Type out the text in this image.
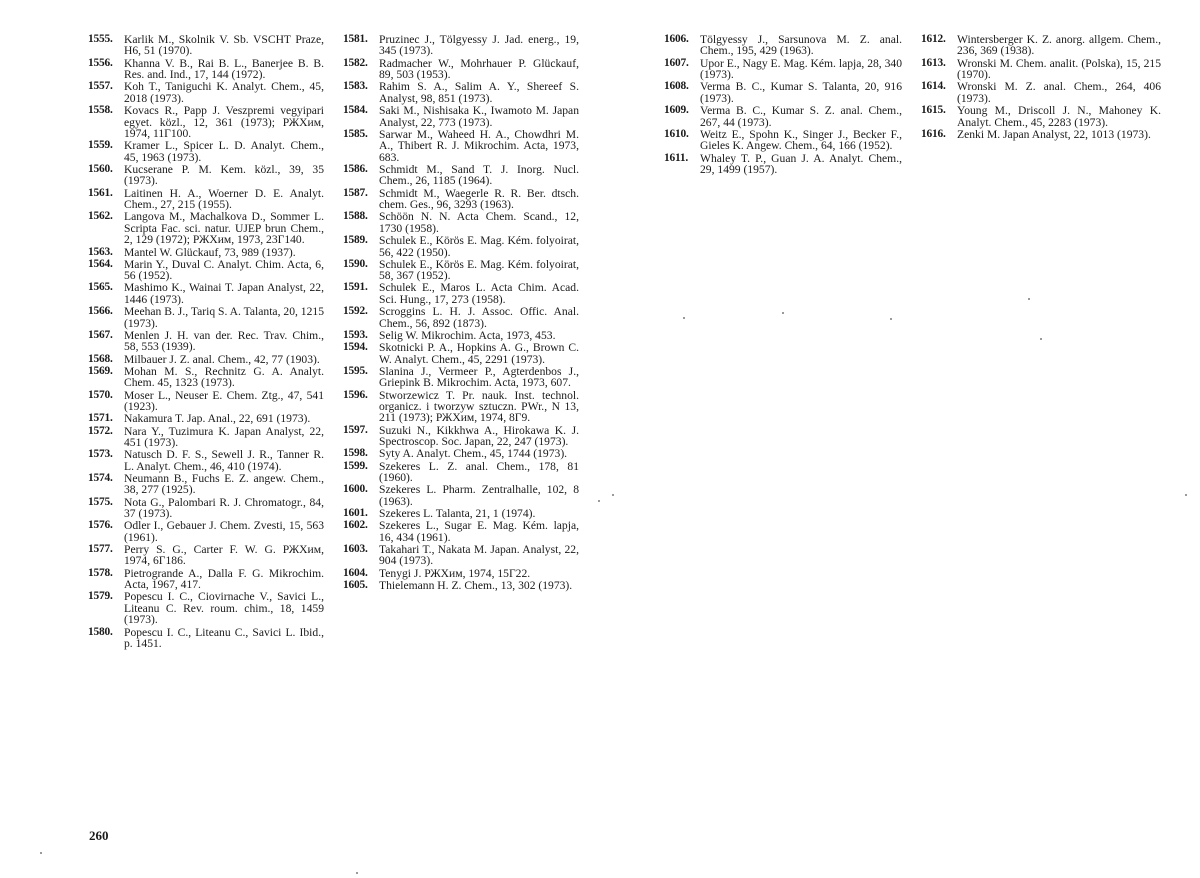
1555. Karlik M., Skolnik V. Sb. VSCHT Praze, H6, 51 (1970).
1556. Khanna V. B., Rai B. L., Banerjee B. B. Res. and. Ind., 17, 144 (1972).
1557. Koh T., Taniguchi K. Analyt. Chem., 45, 2018 (1973).
1558. Kovacs R., Papp J. Veszpremi vegyipari egyet. közl., 12, 361 (1973); РЖХим, 1974, 11Г100.
1559. Kramer L., Spicer L. D. Analyt. Chem., 45, 1963 (1973).
1560. Kucserane P. M. Kem. közl., 39, 35 (1973).
1561. Laitinen H. A., Woerner D. E. Analyt. Chem., 27, 215 (1955).
1562. Langova M., Machalkova D., Sommer L. Scripta Fac. sci. natur. UJEP brun Chem., 2, 129 (1972); РЖХим, 1973, 23Г140.
1563. Mantel W. Glückauf, 73, 989 (1937).
1564. Marin Y., Duval C. Analyt. Chim. Acta, 6, 56 (1952).
1565. Mashimo K., Wainai T. Japan Analyst, 22, 1446 (1973).
1566. Meehan B. J., Tariq S. A. Talanta, 20, 1215 (1973).
1567. Menlen J. H. van der. Rec. Trav. Chim., 58, 553 (1939).
1568. Milbauer J. Z. anal. Chem., 42, 77 (1903).
1569. Mohan M. S., Rechnitz G. A. Analyt. Chem. 45, 1323 (1973).
1570. Moser L., Neuser E. Chem. Ztg., 47, 541 (1923).
1571. Nakamura T. Jap. Anal., 22, 691 (1973).
1572. Nara Y., Tuzimura K. Japan Analyst, 22, 451 (1973).
1573. Natusch D. F. S., Sewell J. R., Tanner R. L. Analyt. Chem., 46, 410 (1974).
1574. Neumann B., Fuchs E. Z. angew. Chem., 38, 277 (1925).
1575. Nota G., Palombari R. J. Chromatogr., 84, 37 (1973).
1576. Odler I., Gebauer J. Chem. Zvesti, 15, 563 (1961).
1577. Perry S. G., Carter F. W. G. РЖХим, 1974, 6Г186.
1578. Pietrogrande A., Dalla F. G. Mikrochim. Acta, 1967, 417.
1579. Popescu I. C., Ciovirnache V., Savici L., Liteanu C. Rev. roum. chim., 18, 1459 (1973).
1580. Popescu I. C., Liteanu C., Savici L. Ibid., p. 1451.
1581. Pruzinec J., Tölgyessy J. Jad. energ., 19, 345 (1973).
1582. Radmacher W., Mohrhauer P. Glückauf, 89, 503 (1953).
1583. Rahim S. A., Salim A. Y., Shereef S. Analyst, 98, 851 (1973).
1584. Saki M., Nishisaka K., Iwamoto M. Japan Analyst, 22, 773 (1973).
1585. Sarwar M., Waheed H. A., Chowdhri M. A., Thibert R. J. Mikrochim. Acta, 1973, 683.
1586. Schmidt M., Sand T. J. Inorg. Nucl. Chem., 26, 1185 (1964).
1587. Schmidt M., Waegerle R. R. Ber. dtsch. chem. Ges., 96, 3293 (1963).
1588. Schöön N. N. Acta Chem. Scand., 12, 1730 (1958).
1589. Schulek E., Körös E. Mag. Kém. folyoirat, 56, 422 (1950).
1590. Schulek E., Körös E. Mag. Kém. folyoirat, 58, 367 (1952).
1591. Schulek E., Maros L. Acta Chim. Acad. Sci. Hung., 17, 273 (1958).
1592. Scroggins L. H. J. Assoc. Offic. Anal. Chem., 56, 892 (1873).
1593. Selig W. Mikrochim. Acta, 1973, 453.
1594. Skotnicki P. A., Hopkins A. G., Brown C. W. Analyt. Chem., 45, 2291 (1973).
1595. Slanina J., Vermeer P., Agterdenbos J., Griepink B. Mikrochim. Acta, 1973, 607.
1596. Stworzewicz T. Pr. nauk. Inst. technol. organicz. i tworzyw sztuczn. PWr., N 13, 211 (1973); РЖХим, 1974, 8Г9.
1597. Suzuki N., Kikkhwa A., Hirokawa K. J. Spectroscop. Soc. Japan, 22, 247 (1973).
1598. Syty A. Analyt. Chem., 45, 1744 (1973).
1599. Szekeres L. Z. anal. Chem., 178, 81 (1960).
1600. Szekeres L. Pharm. Zentralhalle, 102, 8 (1963).
1601. Szekeres L. Talanta, 21, 1 (1974).
1602. Szekeres L., Sugar E. Mag. Kém. lapja, 16, 434 (1961).
1603. Takahari T., Nakata M. Japan. Analyst, 22, 904 (1973).
1604. Tenygi J. РЖХим, 1974, 15Г22.
1605. Thielemann H. Z. Chem., 13, 302 (1973).
260
1606. Tölgyessy J., Sarsunova M. Z. anal. Chem., 195, 429 (1963).
1607. Upor E., Nagy E. Mag. Kém. lapja, 28, 340 (1973).
1608. Verma B. C., Kumar S. Talanta, 20, 916 (1973).
1609. Verma B. C., Kumar S. Z. anal. Chem., 267, 44 (1973).
1610. Weitz E., Spohn K., Singer J., Becker F., Gieles K. Angew. Chem., 64, 166 (1952).
1611. Whaley T. P., Guan J. A. Analyt. Chem., 29, 1499 (1957).
1612. Wintersberger K. Z. anorg. allgem. Chem., 236, 369 (1938).
1613. Wronski M. Chem. analit. (Polska), 15, 215 (1970).
1614. Wronski M. Z. anal. Chem., 264, 406 (1973).
1615. Young M., Driscoll J. N., Mahoney K. Analyt. Chem., 45, 2283 (1973).
1616. Zenki M. Japan Analyst, 22, 1013 (1973).
